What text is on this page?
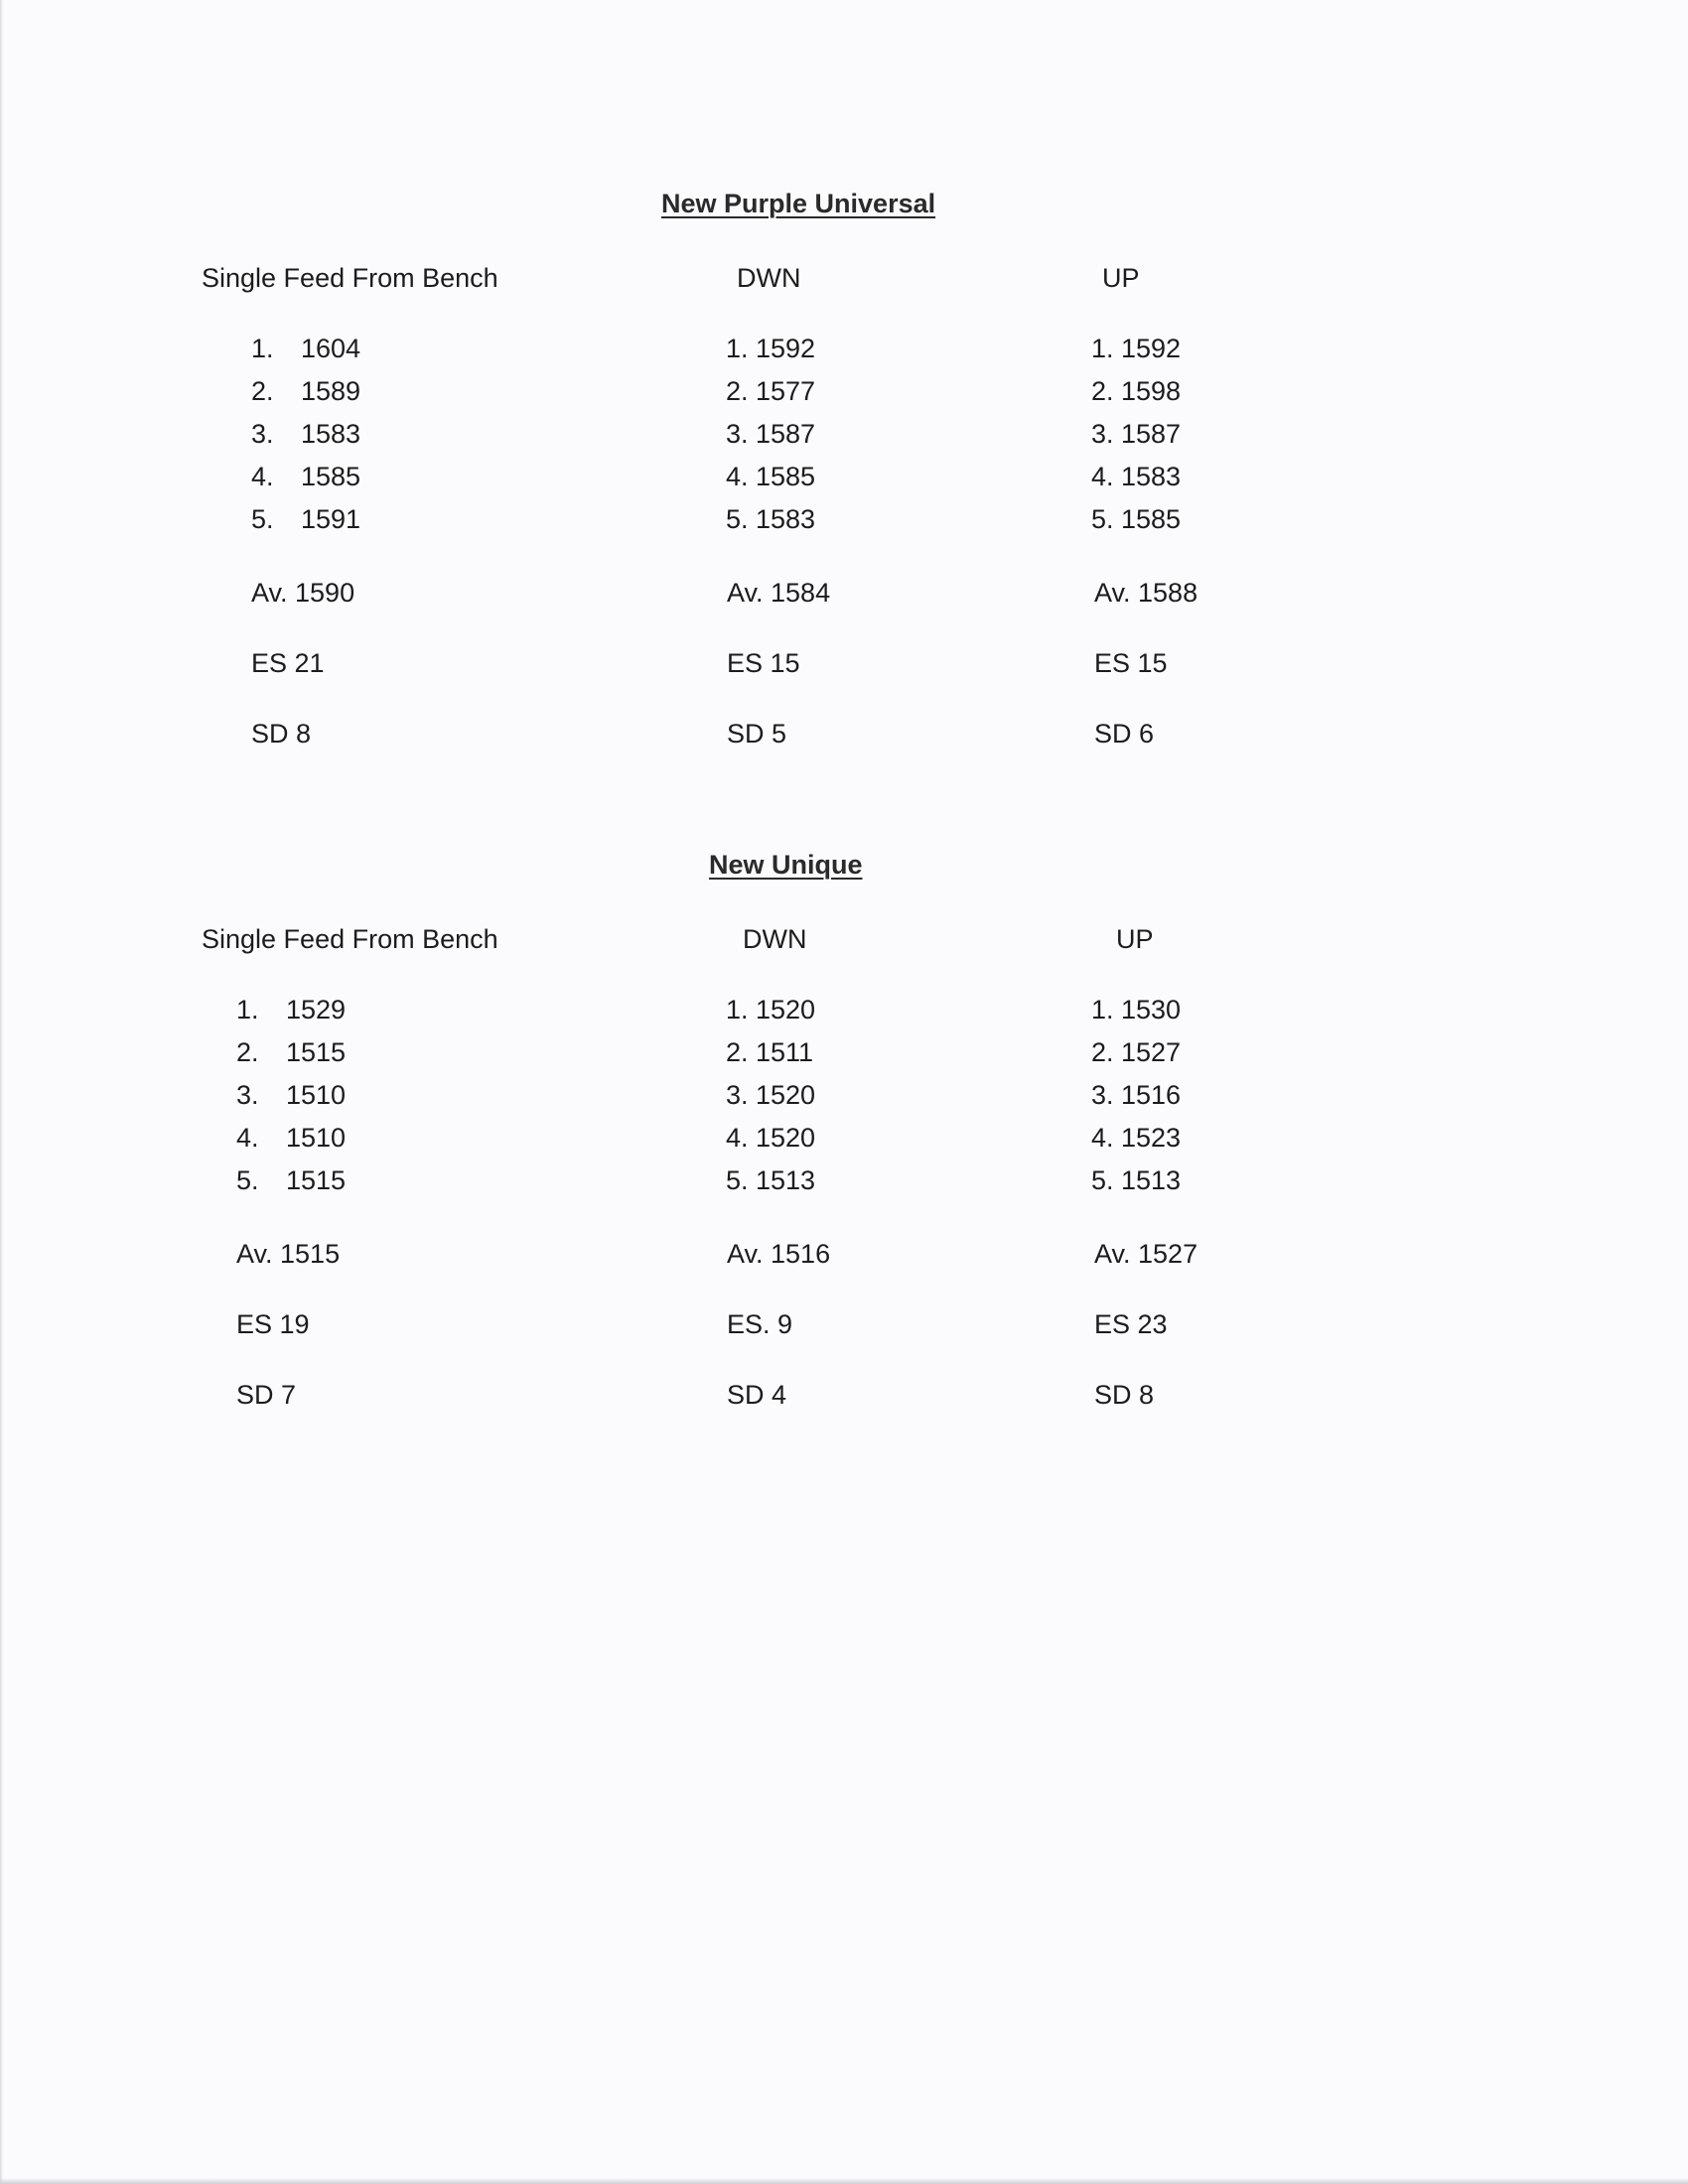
New Purple Universal
Single Feed From Bench
1. 1604
2. 1589
3. 1583
4. 1585
5. 1591
Av. 1590
ES 21
SD 8
DWN
1. 1592
2. 1577
3. 1587
4. 1585
5. 1583
Av. 1584
ES 15
SD 5
UP
1. 1592
2. 1598
3. 1587
4. 1583
5. 1585
Av. 1588
ES 15
SD 6
New Unique
Single Feed From Bench
1. 1529
2. 1515
3. 1510
4. 1510
5. 1515
Av. 1515
ES 19
SD 7
DWN
1. 1520
2. 1511
3. 1520
4. 1520
5. 1513
Av. 1516
ES. 9
SD 4
UP
1. 1530
2. 1527
3. 1516
4. 1523
5. 1513
Av. 1527
ES 23
SD 8
